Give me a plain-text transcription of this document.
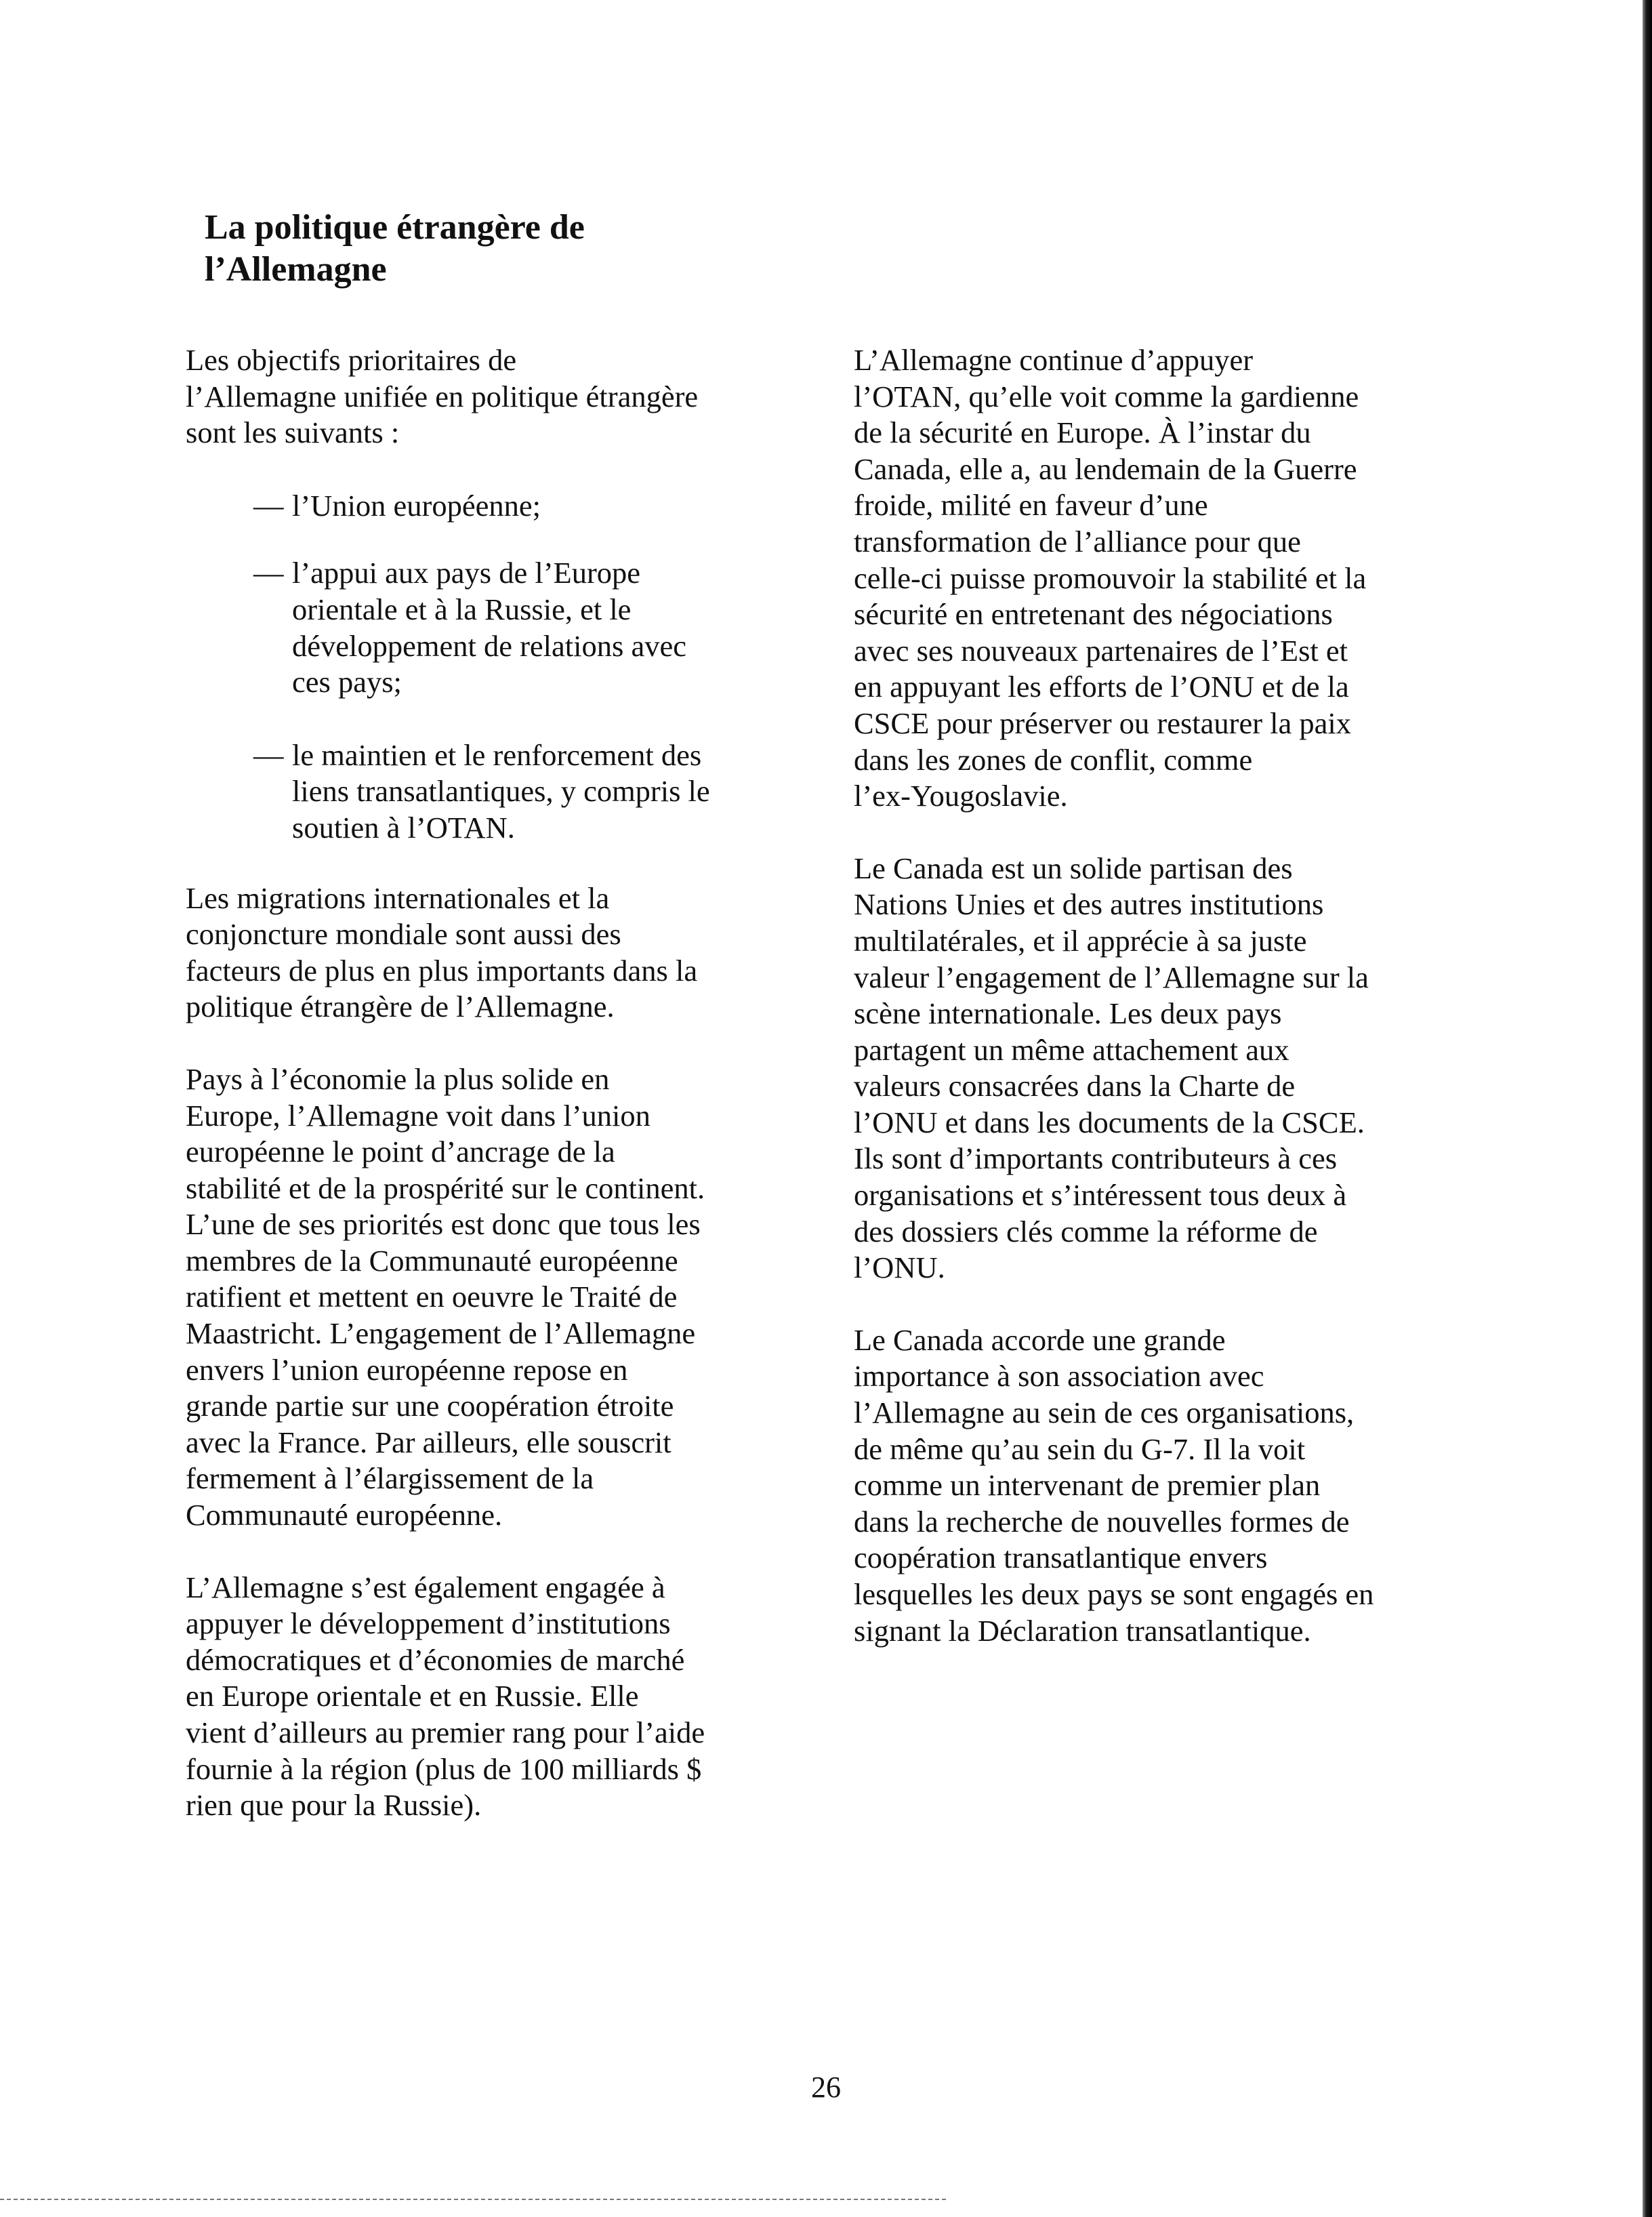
La politique étrangère de
l’Allemagne

Les objectifs prioritaires de
l’Allemagne unifiée en politique étrangère
sont les suivants :

— l’Union européenne;
— l’appui aux pays de l’Europe
orientale et à la Russie, et le
développement de relations avec
ces pays;
— le maintien et le renforcement des
liens transatlantiques, y compris le
soutien à l’OTAN.

Les migrations internationales et la
conjoncture mondiale sont aussi des
facteurs de plus en plus importants dans la
politique étrangère de l’Allemagne.

Pays à l’économie la plus solide en
Europe, l’Allemagne voit dans l’union
européenne le point d’ancrage de la
stabilité et de la prospérité sur le continent.
L’une de ses priorités est donc que tous les
membres de la Communauté européenne
ratifient et mettent en oeuvre le Traité de
Maastricht. L’engagement de l’Allemagne
envers l’union européenne repose en
grande partie sur une coopération étroite
avec la France. Par ailleurs, elle souscrit
fermement à l’élargissement de la
Communauté européenne.

L’Allemagne s’est également engagée à
appuyer le développement d’institutions
démocratiques et d’économies de marché
en Europe orientale et en Russie. Elle
vient d’ailleurs au premier rang pour l’aide
fournie à la région (plus de 100 milliards $
rien que pour la Russie).

L’Allemagne continue d’appuyer
l’OTAN, qu’elle voit comme la gardienne
de la sécurité en Europe. À l’instar du
Canada, elle a, au lendemain de la Guerre
froide, milité en faveur d’une
transformation de l’alliance pour que
celle-ci puisse promouvoir la stabilité et la
sécurité en entretenant des négociations
avec ses nouveaux partenaires de l’Est et
en appuyant les efforts de l’ONU et de la
CSCE pour préserver ou restaurer la paix
dans les zones de conflit, comme
l’ex-Yougoslavie.

Le Canada est un solide partisan des
Nations Unies et des autres institutions
multilatérales, et il apprécie à sa juste
valeur l’engagement de l’Allemagne sur la
scène internationale. Les deux pays
partagent un même attachement aux
valeurs consacrées dans la Charte de
l’ONU et dans les documents de la CSCE.
Ils sont d’importants contributeurs à ces
organisations et s’intéressent tous deux à
des dossiers clés comme la réforme de
l’ONU.

Le Canada accorde une grande
importance à son association avec
l’Allemagne au sein de ces organisations,
de même qu’au sein du G-7. Il la voit
comme un intervenant de premier plan
dans la recherche de nouvelles formes de
coopération transatlantique envers
lesquelles les deux pays se sont engagés en
signant la Déclaration transatlantique.

26
